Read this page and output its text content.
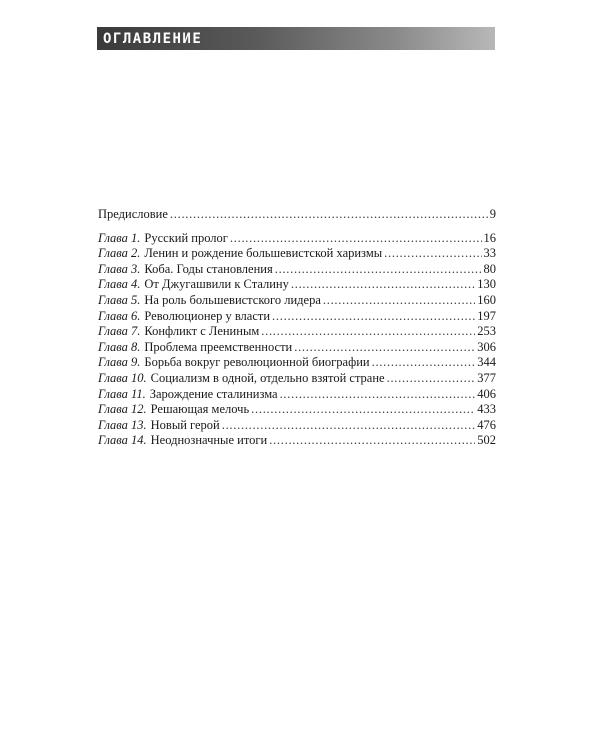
ОГЛАВЛЕНИЕ
Предисловие . . .	9
Глава 1. Русский пролог . . .	16
Глава 2. Ленин и рождение большевистской харизмы . . .	33
Глава 3. Коба. Годы становления . . .	80
Глава 4. От Джугашвили к Сталину . . .	130
Глава 5. На роль большевистского лидера . . .	160
Глава 6. Революционер у власти . . .	197
Глава 7. Конфликт с Лениным . . .	253
Глава 8. Проблема преемственности . . .	306
Глава 9. Борьба вокруг революционной биографии . . .	344
Глава 10. Социализм в одной, отдельно взятой стране . . .	377
Глава 11. Зарождение сталинизма . . .	406
Глава 12. Решающая мелочь . . .	433
Глава 13. Новый герой . . .	476
Глава 14. Неоднозначные итоги . . .	502
